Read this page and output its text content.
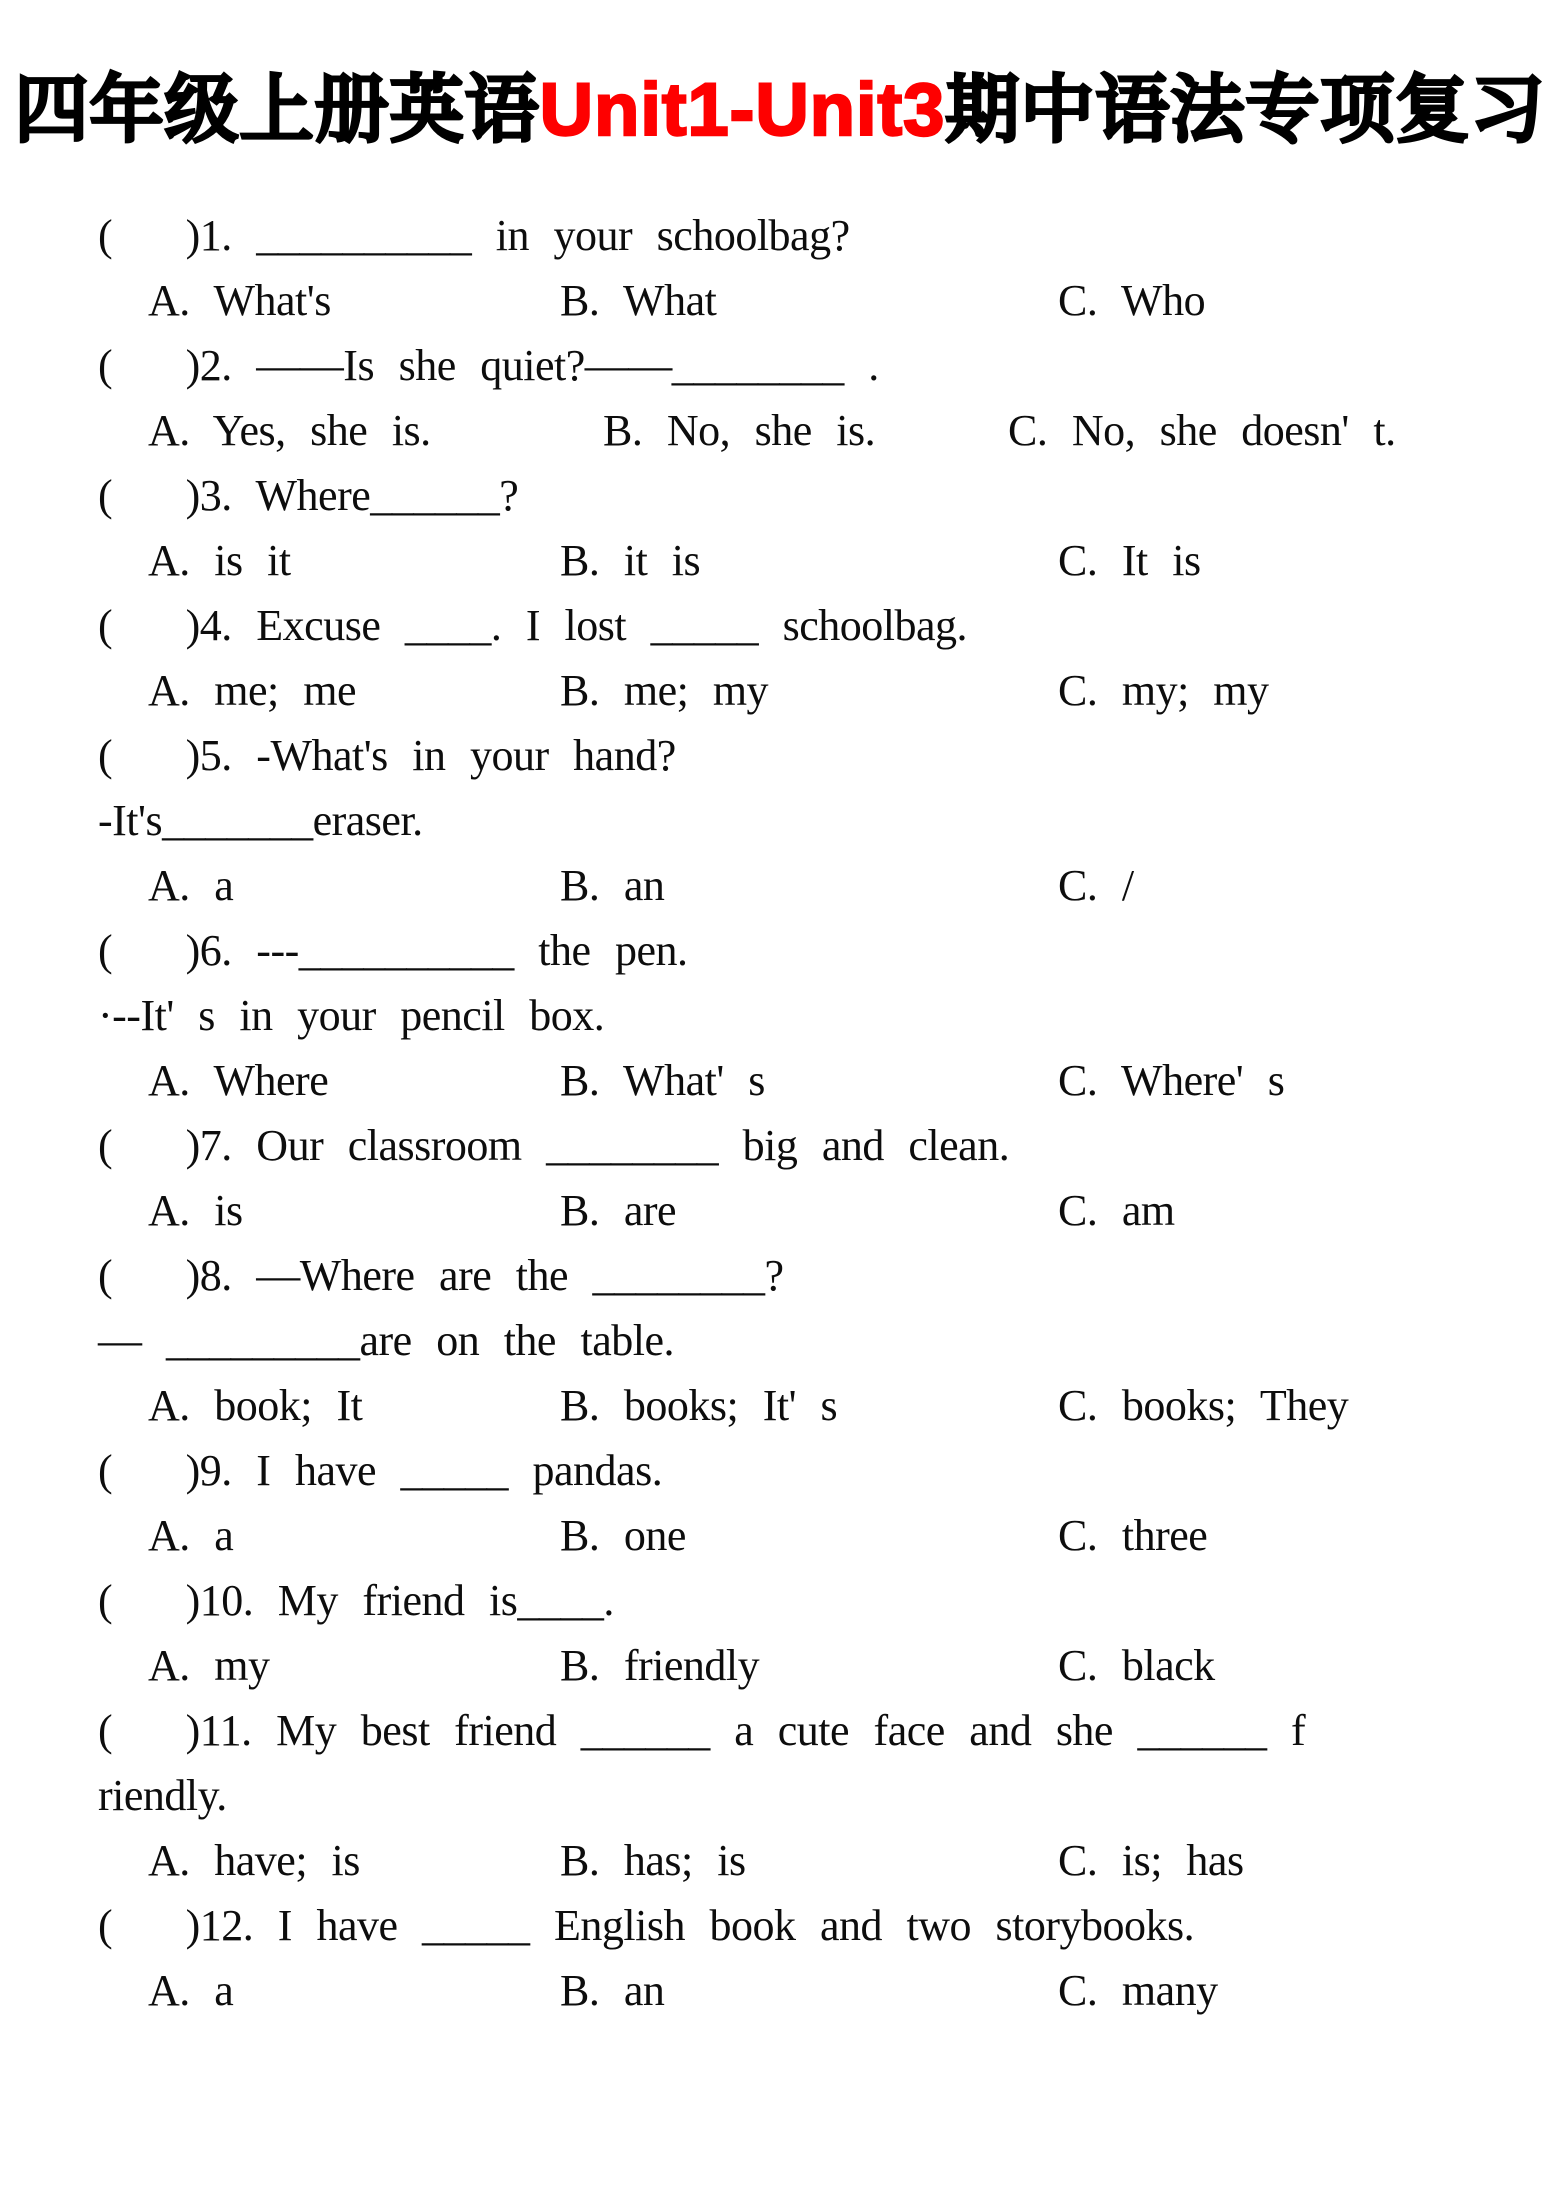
四年级上册英语Unit1-Unit3期中语法专项复习
(   )1. __________ in your schoolbag?

A. What's

	B. What

	C. Who

(   )2. ——Is she quiet?——________ .

A. Yes, she is.

	B. No, she is.

	C. No, she doesn' t.

(   )3. Where______?

A. is it

	B. it is

	C. It is

(   )4. Excuse ____. I lost _____ schoolbag.

A. me; me

	B. me; my

	C. my; my

(   )5. -What's in your hand?
-It's_______eraser.

A. a

	B. an

	C. /

(   )6. ---__________ the pen.
·--It' s in your pencil box.

A. Where

	B. What' s

	C. Where' s

(   )7. Our classroom ________ big and clean.

A. is

	B. are

	C. am

(   )8. —Where are the ________?
— _________are on the table.

A. book; It

	B. books; It' s

	C. books; They

(   )9. I have _____ pandas.

A. a

	B. one

	C. three

(   )10. My friend is____.

A. my

	B. friendly

	C. black

(   )11. My best friend ______ a cute face and she ______ f
riendly.

A. have; is

	B. has; is

	C. is; has

(   )12. I have _____ English book and two storybooks.

A. a

	B. an

	C. many
